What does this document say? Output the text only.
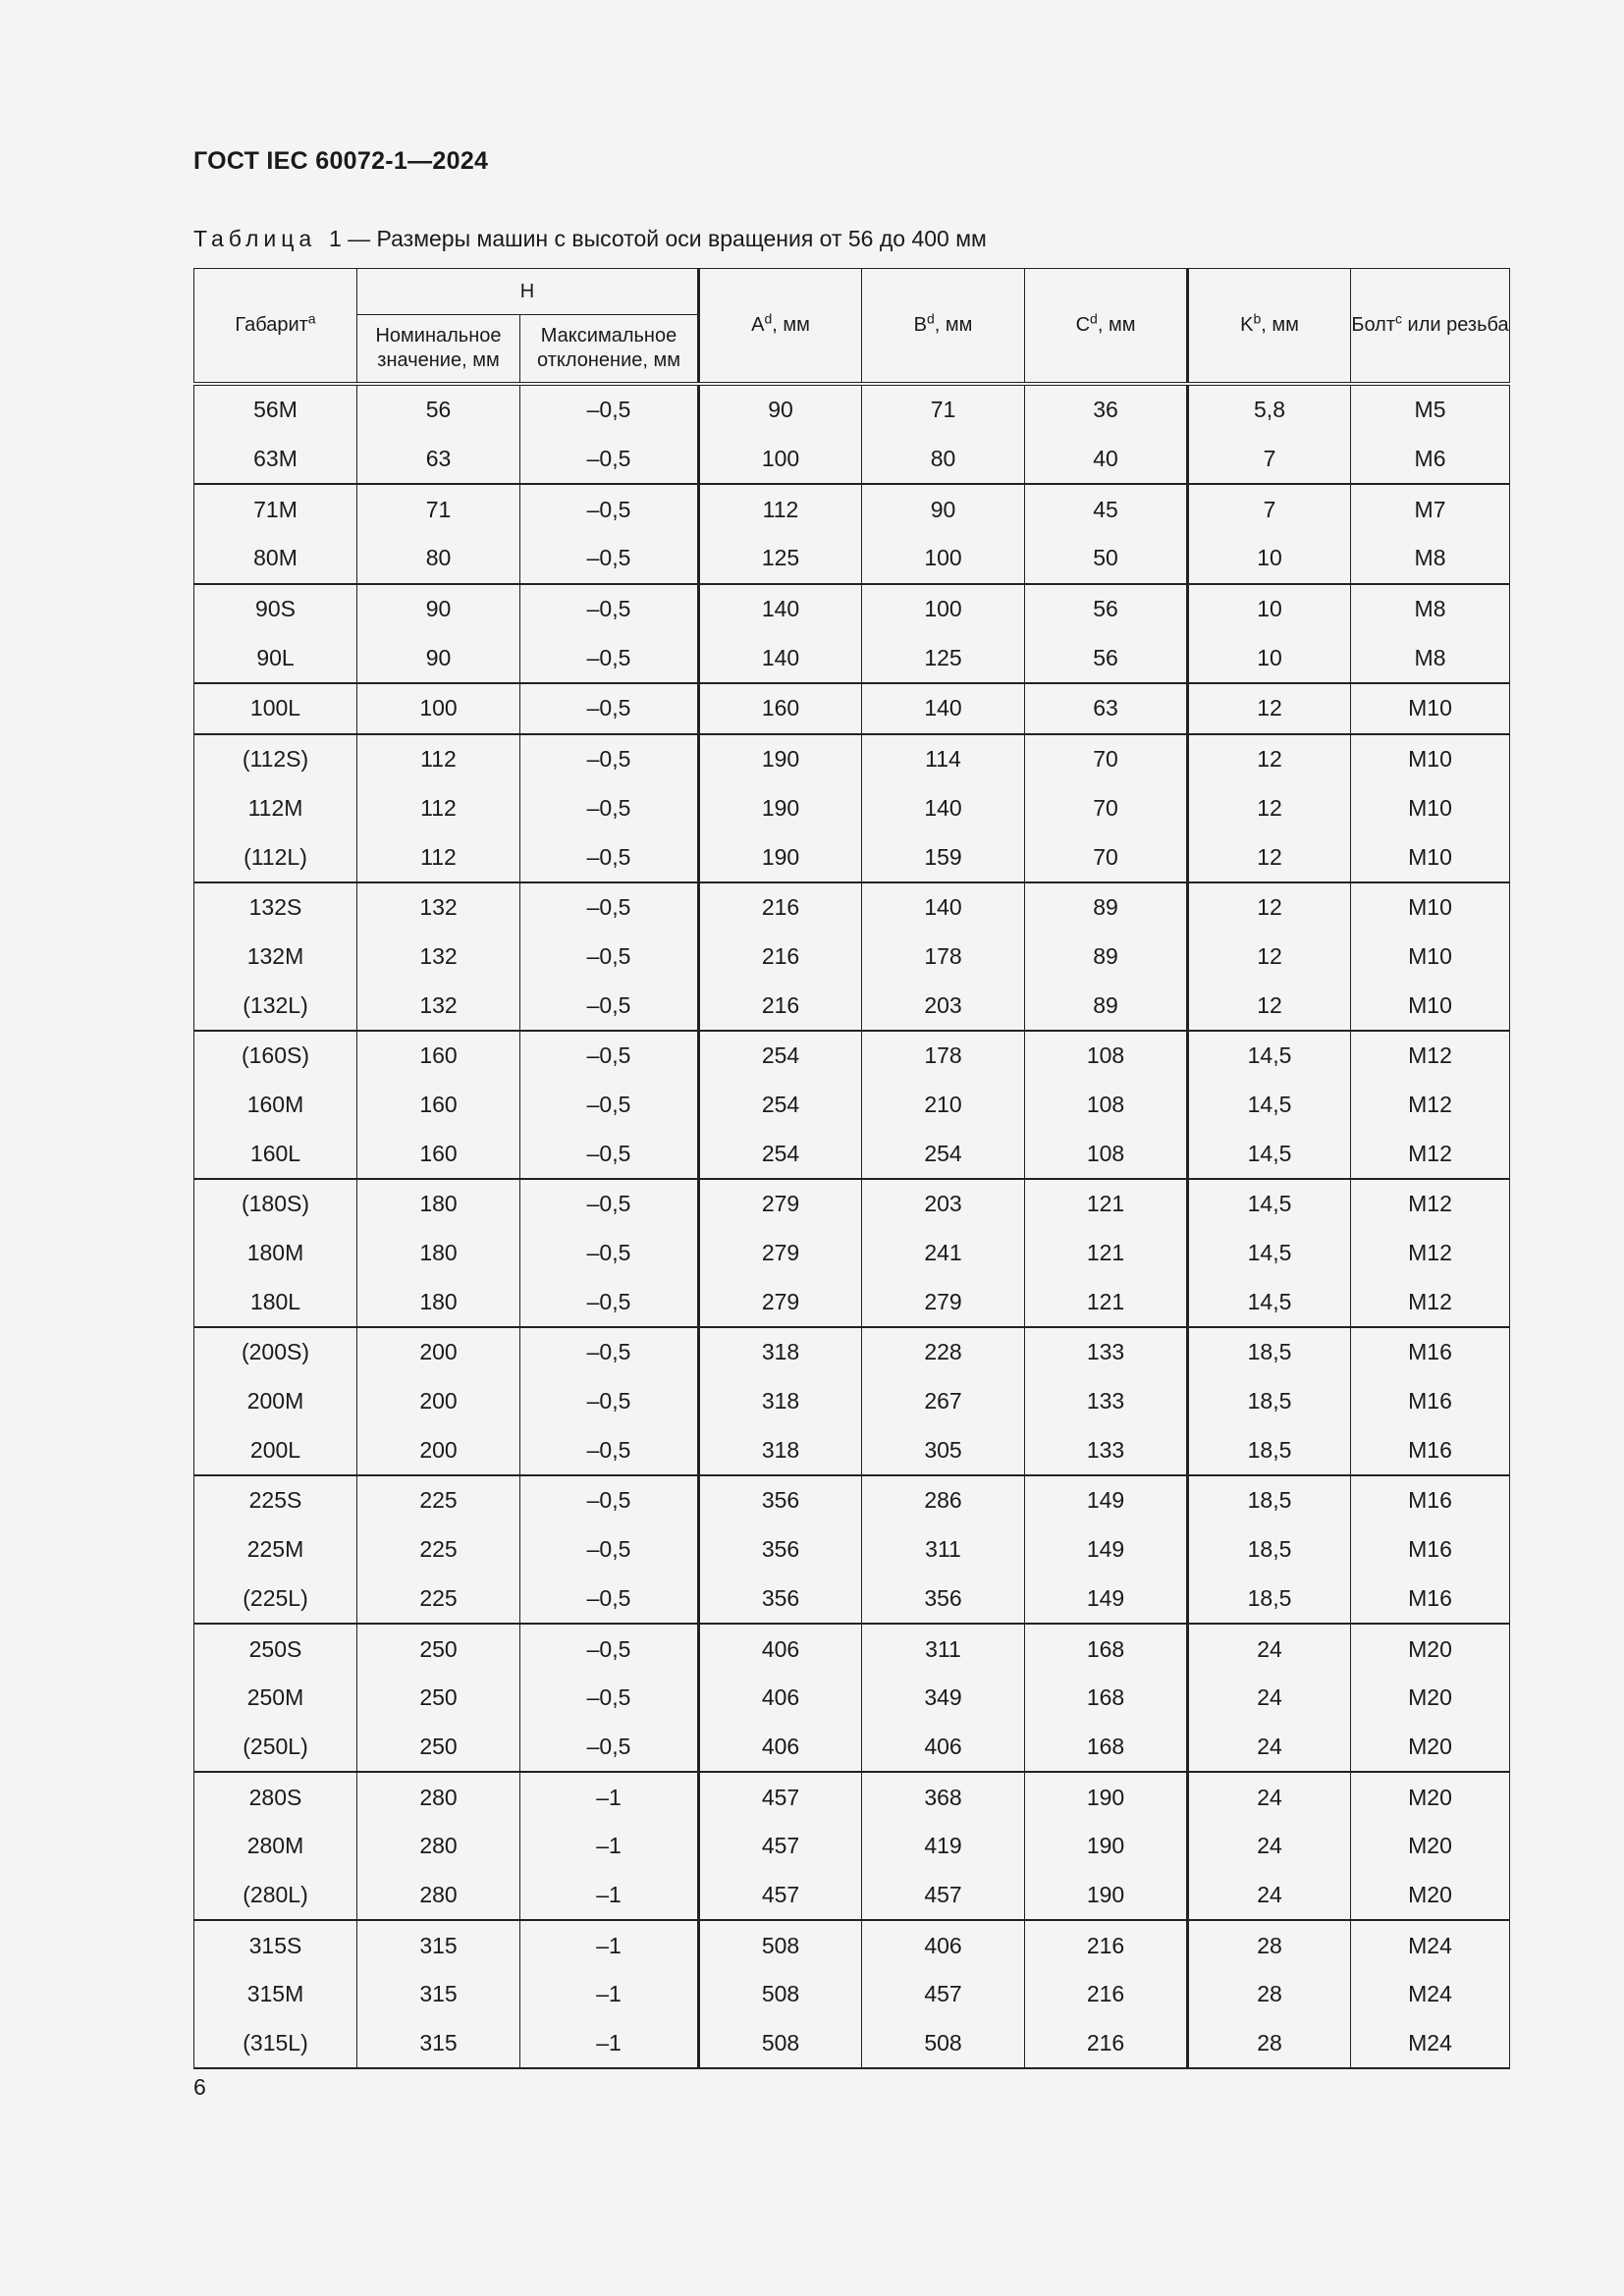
ГОСТ IEC 60072-1—2024
Таблица 1 — Размеры машин с высотой оси вращения от 56 до 400 мм
Габарит$^a$	H		$A^d$, мм	$B^d$, мм	$C^d$, мм	$K^b$, мм	Болт$^c$ или резьба
	Номинальное значение, мм	Максимальное отклонение, мм					
56M	56	–0,5	90	71	36	5,8	M5
63M	63	–0,5	100	80	40	7	M6
71M	71	–0,5	112	90	45	7	M7
80M	80	–0,5	125	100	50	10	M8
90S	90	–0,5	140	100	56	10	M8
90L	90	–0,5	140	125	56	10	M8
100L	100	–0,5	160	140	63	12	M10
(112S)	112	–0,5	190	114	70	12	M10
112M	112	–0,5	190	140	70	12	M10
(112L)	112	–0,5	190	159	70	12	M10
132S	132	–0,5	216	140	89	12	M10
132M	132	–0,5	216	178	89	12	M10
(132L)	132	–0,5	216	203	89	12	M10
(160S)	160	–0,5	254	178	108	14,5	M12
160M	160	–0,5	254	210	108	14,5	M12
160L	160	–0,5	254	254	108	14,5	M12
(180S)	180	–0,5	279	203	121	14,5	M12
180M	180	–0,5	279	241	121	14,5	M12
180L	180	–0,5	279	279	121	14,5	M12
(200S)	200	–0,5	318	228	133	18,5	M16
200M	200	–0,5	318	267	133	18,5	M16
200L	200	–0,5	318	305	133	18,5	M16
225S	225	–0,5	356	286	149	18,5	M16
225M	225	–0,5	356	311	149	18,5	M16
(225L)	225	–0,5	356	356	149	18,5	M16
250S	250	–0,5	406	311	168	24	M20
250M	250	–0,5	406	349	168	24	M20
(250L)	250	–0,5	406	406	168	24	M20
280S	280	–1	457	368	190	24	M20
280M	280	–1	457	419	190	24	M20
(280L)	280	–1	457	457	190	24	M20
315S	315	–1	508	406	216	28	M24
315M	315	–1	508	457	216	28	M24
(315L)	315	–1	508	508	216	28	M24
6
